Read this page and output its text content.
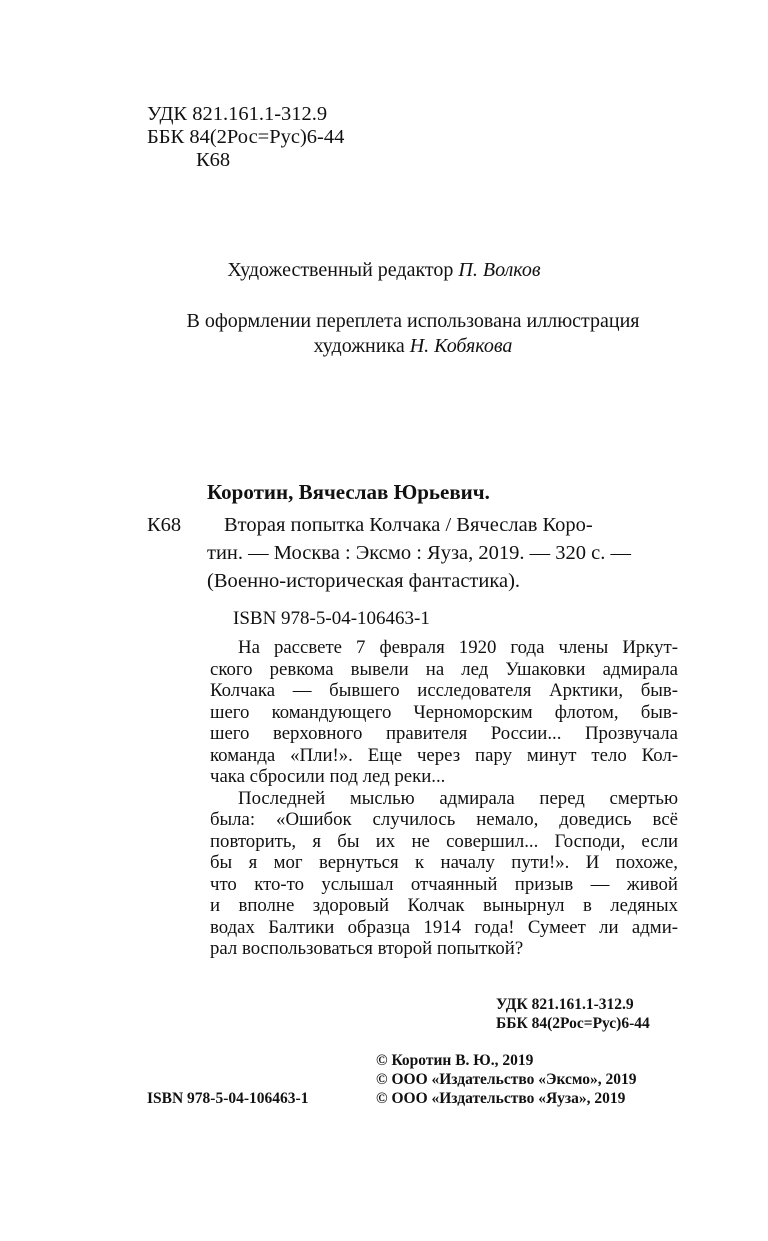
УДК 821.161.1-312.9
ББК 84(2Рос=Рус)6-44
К68
Художественный редактор П. Волков
В оформлении переплета использована иллюстрация
художника Н. Кобякова
Коротин, Вячеслав Юрьевич.
К68 Вторая попытка Колчака / Вячеслав Коро-
тин. — Москва : Эксмо : Яуза, 2019. — 320 с. —
(Военно-историческая фантастика).
ISBN 978-5-04-106463-1
На рассвете 7 февраля 1920 года члены Иркут-
ского ревкома вывели на лед Ушаковки адмирала
Колчака — бывшего исследователя Арктики, быв-
шего командующего Черноморским флотом, быв-
шего верховного правителя России... Прозвучала
команда «Пли!». Еще через пару минут тело Кол-
чака сбросили под лед реки...
Последней мыслью адмирала перед смертью
была: «Ошибок случилось немало, доведись всё
повторить, я бы их не совершил... Господи, если
бы я мог вернуться к началу пути!». И похоже,
что кто-то услышал отчаянный призыв — живой
и вполне здоровый Колчак вынырнул в ледяных
водах Балтики образца 1914 года! Сумеет ли адми-
рал воспользоваться второй попыткой?
УДК 821.161.1-312.9
ББК 84(2Рос=Рус)6-44
© Коротин В. Ю., 2019
© ООО «Издательство «Эксмо», 2019
ISBN 978-5-04-106463-1	© ООО «Издательство «Яуза», 2019
